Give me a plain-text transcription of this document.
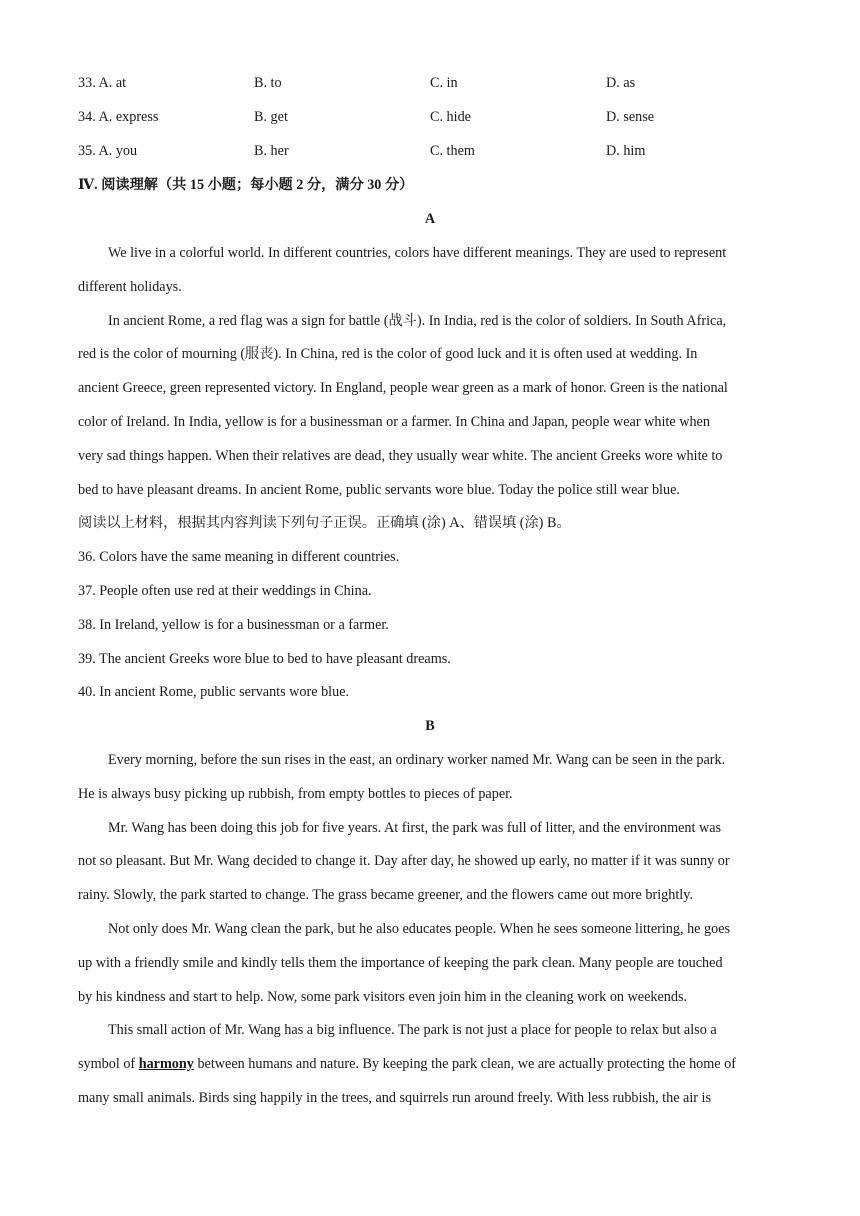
33. A. at	B. to	C. in	D. as
34. A. express	B. get	C. hide	D. sense
35. A. you	B. her	C. them	D. him
Ⅳ. 阅读理解（共 15 小题；每小题 2 分，满分 30 分）
A
We live in a colorful world. In different countries, colors have different meanings. They are used to represent
different holidays.
In ancient Rome, a red flag was a sign for battle (战斗). In India, red is the color of soldiers. In South Africa,
red is the color of mourning (服丧). In China, red is the color of good luck and it is often used at wedding. In
ancient Greece, green represented victory. In England, people wear green as a mark of honor. Green is the national
color of Ireland. In India, yellow is for a businessman or a farmer. In China and Japan, people wear white when
very sad things happen. When their relatives are dead, they usually wear white. The ancient Greeks wore white to
bed to have pleasant dreams. In ancient Rome, public servants wore blue. Today the police still wear blue.
阅读以上材料，根据其内容判读下列句子正误。正确填 (涂) A、错误填 (涂) B。
36. Colors have the same meaning in different countries.
37. People often use red at their weddings in China.
38. In Ireland, yellow is for a businessman or a farmer.
39. The ancient Greeks wore blue to bed to have pleasant dreams.
40. In ancient Rome, public servants wore blue.
B
Every morning, before the sun rises in the east, an ordinary worker named Mr. Wang can be seen in the park.
He is always busy picking up rubbish, from empty bottles to pieces of paper.
Mr. Wang has been doing this job for five years. At first, the park was full of litter, and the environment was
not so pleasant. But Mr. Wang decided to change it. Day after day, he showed up early, no matter if it was sunny or
rainy. Slowly, the park started to change. The grass became greener, and the flowers came out more brightly.
Not only does Mr. Wang clean the park, but he also educates people. When he sees someone littering, he goes
up with a friendly smile and kindly tells them the importance of keeping the park clean. Many people are touched
by his kindness and start to help. Now, some park visitors even join him in the cleaning work on weekends.
This small action of Mr. Wang has a big influence. The park is not just a place for people to relax but also a
symbol of harmony between humans and nature. By keeping the park clean, we are actually protecting the home of
many small animals. Birds sing happily in the trees, and squirrels run around freely. With less rubbish, the air is
